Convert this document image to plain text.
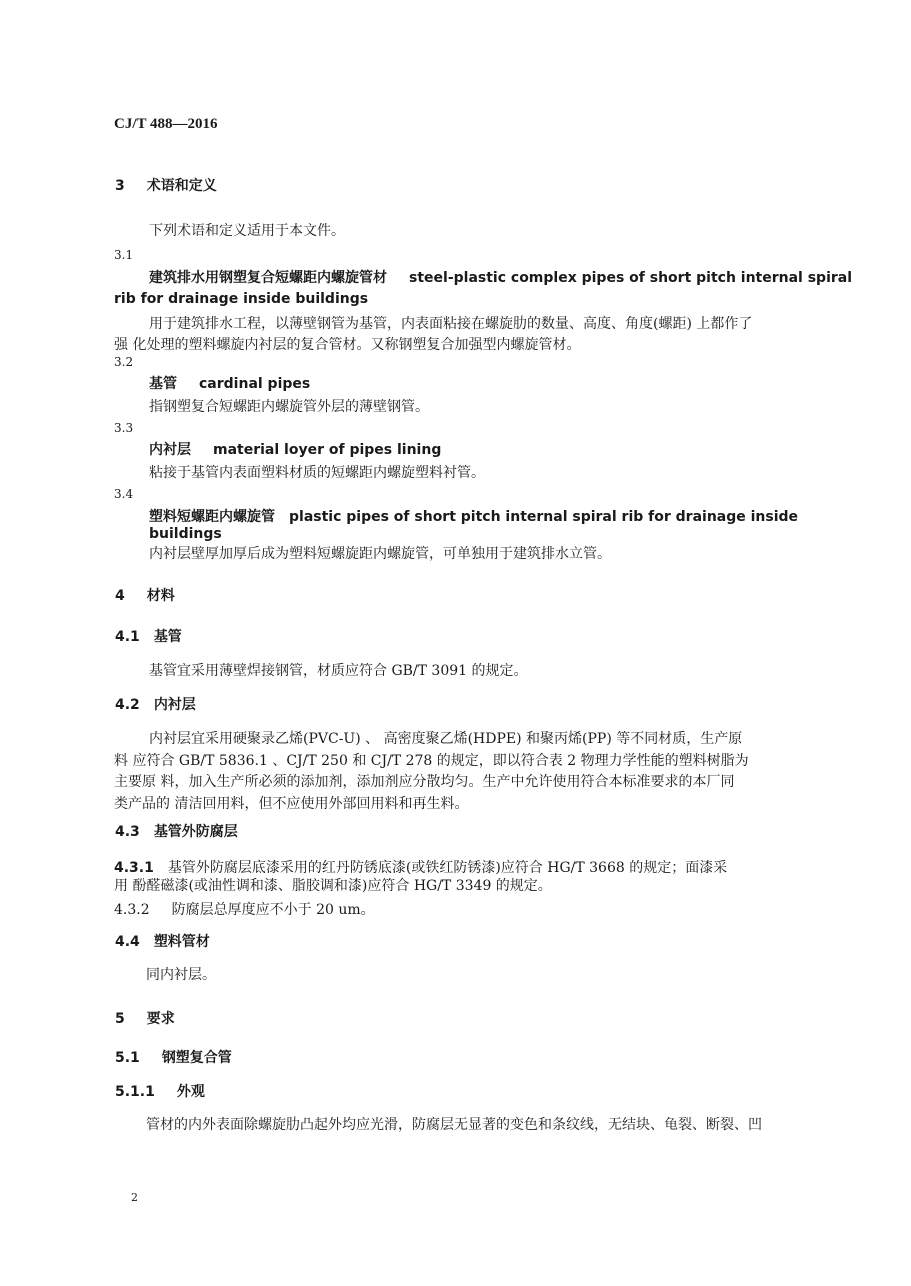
CJ/T 488—2016
3 术语和定义
下列术语和定义适用于本文件。
3.1
建筑排水用钢塑复合短螺距内螺旋管材 steel-plastic complex pipes of short pitch internal spiral
rib for drainage inside buildings
用于建筑排水工程，以薄壁钢管为基管，内表面粘接在螺旋肋的数量、高度、角度(螺距) 上都作了
强 化处理的塑料螺旋内衬层的复合管材。又称钢塑复合加强型内螺旋管材。
3.2
基管 cardinal pipes
指钢塑复合短螺距内螺旋管外层的薄壁钢管。
3.3
内衬层 material loyer of pipes lining
粘接于基管内表面塑料材质的短螺距内螺旋塑料衬管。
3.4
塑料短螺距内螺旋管 plastic pipes of short pitch internal spiral rib for drainage inside
buildings
内衬层壁厚加厚后成为塑料短螺旋距内螺旋管，可单独用于建筑排水立管。
4 材料
4.1 基管
基管宜采用薄壁焊接钢管，材质应符合 GB/T 3091 的规定。
4.2 内衬层
内衬层宜采用硬聚录乙烯(PVC-U) 、 高密度聚乙烯(HDPE) 和聚丙烯(PP) 等不同材质，生产原
料 应符合 GB/T 5836.1 、CJ/T 250 和 CJ/T 278 的规定，即以符合表 2 物理力学性能的塑料树脂为
主要原 料，加入生产所必须的添加剂，添加剂应分散均匀。生产中允许使用符合本标准要求的本厂同
类产品的 清洁回用料，但不应使用外部回用料和再生料。
4.3 基管外防腐层
4.3.1 基管外防腐层底漆采用的红丹防锈底漆(或铁红防锈漆)应符合 HG/T 3668 的规定；面漆采
用 酚醛磁漆(或油性调和漆、脂胶调和漆)应符合 HG/T 3349 的规定。
4.3.2 防腐层总厚度应不小于 20 um。
4.4 塑料管材
同内衬层。
5 要求
5.1 钢塑复合管
5.1.1 外观
管材的内外表面除螺旋肋凸起外均应光滑，防腐层无显著的变色和条纹线，无结块、龟裂、断裂、凹
2
